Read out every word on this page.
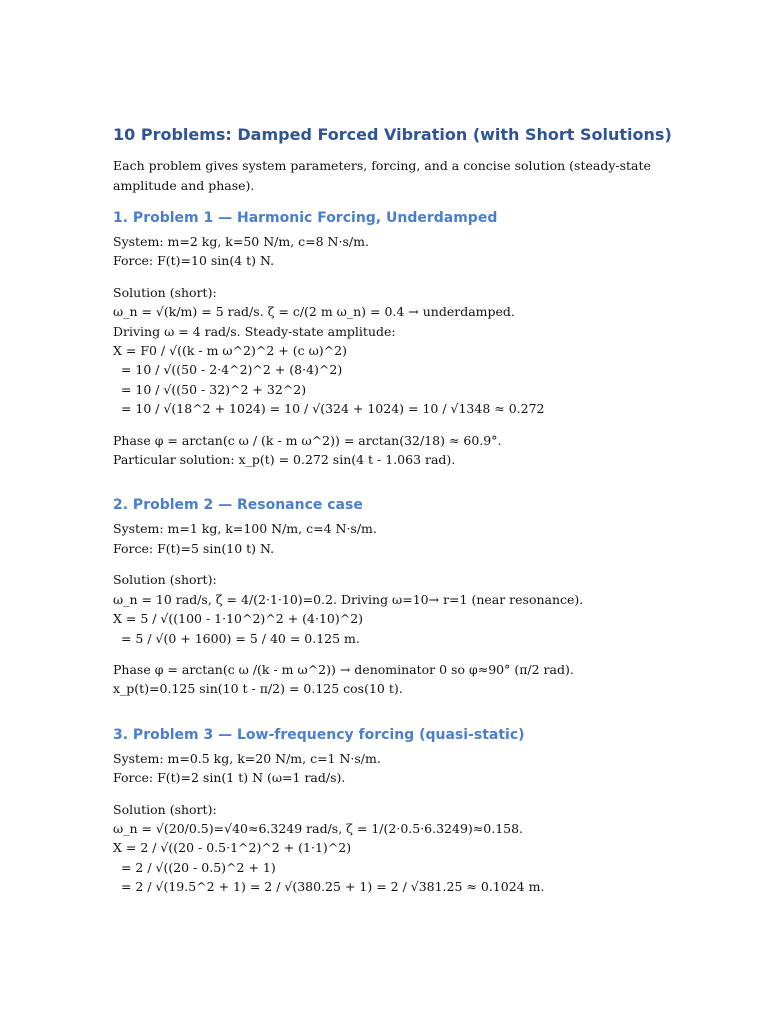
10 Problems: Damped Forced Vibration (with Short Solutions)
Each problem gives system parameters, forcing, and a concise solution (steady-state
amplitude and phase).
1. Problem 1 — Harmonic Forcing, Underdamped
System: m=2 kg, k=50 N/m, c=8 N·s/m.
Force: F(t)=10 sin(4 t) N.
Solution (short):
ω_n = √(k/m) = 5 rad/s. ζ = c/(2 m ω_n) = 0.4 → underdamped.
Driving ω = 4 rad/s. Steady-state amplitude:
X = F0 / √((k - m ω^2)^2 + (c ω)^2)
= 10 / √((50 - 2·4^2)^2 + (8·4)^2)
= 10 / √((50 - 32)^2 + 32^2)
= 10 / √(18^2 + 1024) = 10 / √(324 + 1024) = 10 / √1348 ≈ 0.272
Phase φ = arctan(c ω / (k - m ω^2)) = arctan(32/18) ≈ 60.9°.
Particular solution: x_p(t) = 0.272 sin(4 t - 1.063 rad).
2. Problem 2 — Resonance case
System: m=1 kg, k=100 N/m, c=4 N·s/m.
Force: F(t)=5 sin(10 t) N.
Solution (short):
ω_n = 10 rad/s, ζ = 4/(2·1·10)=0.2. Driving ω=10→ r=1 (near resonance).
X = 5 / √((100 - 1·10^2)^2 + (4·10)^2)
= 5 / √(0 + 1600) = 5 / 40 = 0.125 m.
Phase φ = arctan(c ω /(k - m ω^2)) → denominator 0 so φ≈90° (π/2 rad).
x_p(t)=0.125 sin(10 t - π/2) = 0.125 cos(10 t).
3. Problem 3 — Low-frequency forcing (quasi-static)
System: m=0.5 kg, k=20 N/m, c=1 N·s/m.
Force: F(t)=2 sin(1 t) N (ω=1 rad/s).
Solution (short):
ω_n = √(20/0.5)=√40≈6.3249 rad/s, ζ = 1/(2·0.5·6.3249)≈0.158.
X = 2 / √((20 - 0.5·1^2)^2 + (1·1)^2)
= 2 / √((20 - 0.5)^2 + 1)
= 2 / √(19.5^2 + 1) = 2 / √(380.25 + 1) = 2 / √381.25 ≈ 0.1024 m.
